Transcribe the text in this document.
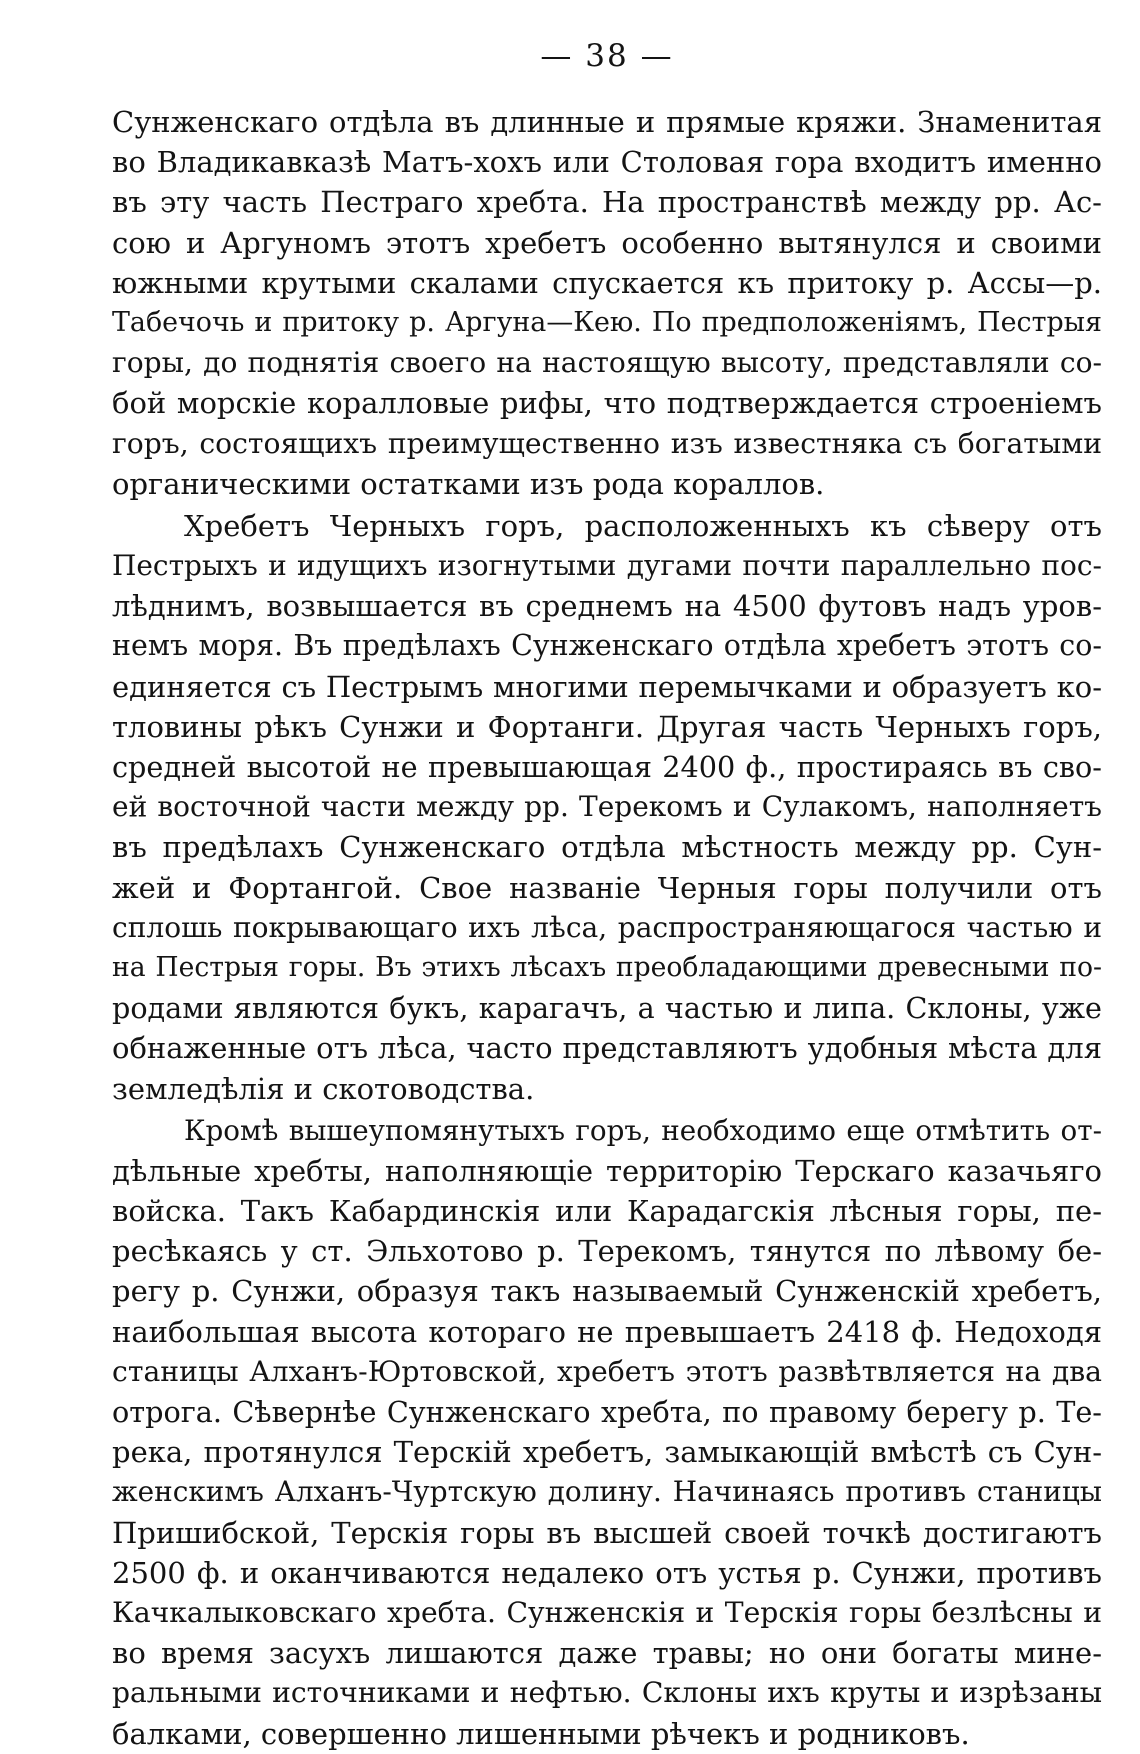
— 38 —
Сунженскаго отдѣла въ длинные и прямые кряжи. Знаменитая
во Владикавказѣ Матъ-хохъ или Столовая гора входитъ именно
въ эту часть Пестраго хребта. На пространствѣ между рр. Ас-
сою и Аргуномъ этотъ хребетъ особенно вытянулся и своими
южными крутыми скалами спускается къ притоку р. Ассы—р.
Табечочь и притоку р. Аргуна—Кею. По предположеніямъ, Пестрыя
горы, до поднятія своего на настоящую высоту, представляли со-
бой морскіе коралловые рифы, что подтверждается строеніемъ
горъ, состоящихъ преимущественно изъ известняка съ богатыми
органическими остатками изъ рода кораллов.
Хребетъ Черныхъ горъ, расположенныхъ къ сѣверу отъ
Пестрыхъ и идущихъ изогнутыми дугами почти параллельно пос-
лѣднимъ, возвышается въ среднемъ на 4500 футовъ надъ уров-
немъ моря. Въ предѣлахъ Сунженскаго отдѣла хребетъ этотъ со-
единяется съ Пестрымъ многими перемычками и образуетъ ко-
тловины рѣкъ Сунжи и Фортанги. Другая часть Черныхъ горъ,
средней высотой не превышающая 2400 ф., простираясь въ сво-
ей восточной части между рр. Терекомъ и Сулакомъ, наполняетъ
въ предѣлахъ Сунженскаго отдѣла мѣстность между рр. Сун-
жей и Фортангой. Свое названіе Черныя горы получили отъ
сплошь покрывающаго ихъ лѣса, распространяющагося частью и
на Пестрыя горы. Въ этихъ лѣсахъ преобладающими древесными по-
родами являются букъ, карагачъ, а частью и липа. Склоны, уже
обнаженные отъ лѣса, часто представляютъ удобныя мѣста для
земледѣлія и скотоводства.
Кромѣ вышеупомянутыхъ горъ, необходимо еще отмѣтить от-
дѣльные хребты, наполняющіе территорію Терскаго казачьяго
войска. Такъ Кабардинскія или Карадагскія лѣсныя горы, пе-
ресѣкаясь у ст. Эльхотово р. Терекомъ, тянутся по лѣвому бе-
регу р. Сунжи, образуя такъ называемый Сунженскій хребетъ,
наибольшая высота котораго не превышаетъ 2418 ф. Недоходя
станицы Алханъ-Юртовской, хребетъ этотъ развѣтвляется на два
отрога. Сѣвернѣе Сунженскаго хребта, по правому берегу р. Те-
река, протянулся Терскій хребетъ, замыкающій вмѣстѣ съ Сун-
женскимъ Алханъ-Чуртскую долину. Начинаясь противъ станицы
Пришибской, Терскія горы въ высшей своей точкѣ достигаютъ
2500 ф. и оканчиваются недалеко отъ устья р. Сунжи, противъ
Качкалыковскаго хребта. Сунженскія и Терскія горы безлѣсны и
во время засухъ лишаются даже травы; но они богаты мине-
ральными источниками и нефтью. Склоны ихъ круты и изрѣзаны
балками, совершенно лишенными рѣчекъ и родниковъ.
